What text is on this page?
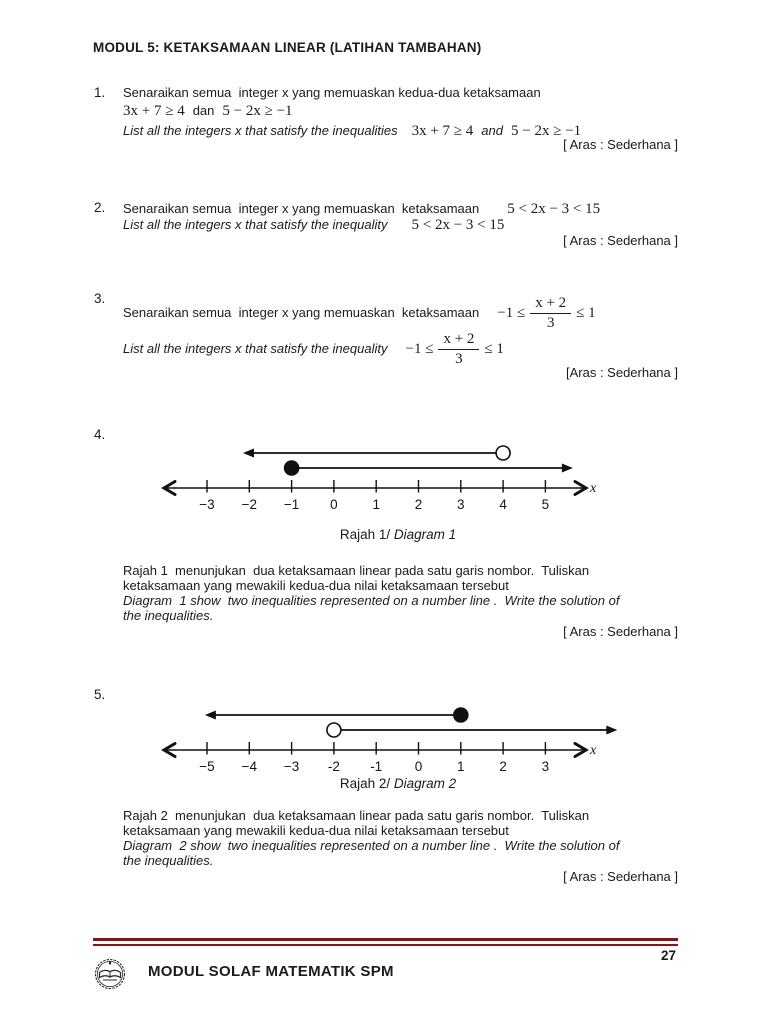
MODUL 5: KETAKSAMAAN LINEAR (LATIHAN TAMBAHAN)
1. Senaraikan semua  integer x yang memuaskan kedua-dua ketaksamaan
3x + 7 ≥ 4 dan 5 − 2x ≥ −1
List all the integers x that satisfy the inequalities 3x + 7 ≥ 4 and 5 − 2x ≥ −1
[ Aras : Sederhana ]
2. Senaraikan semua  integer x yang memuaskan  ketaksamaan 5 < 2x − 3 < 15
List all the integers x that satisfy the inequality 5 < 2x − 3 < 15
[ Aras : Sederhana ]
3.
Senaraikan semua  integer x yang memuaskan  ketaksamaan $-1 \le \frac{x + 2}{3} \le 1$
List all the integers x that satisfy the inequality $-1 \le \frac{x + 2}{3} \le 1$
[Aras : Sederhana ]
4.
−3 −2 −1 0	1	2	3	4	5
x
Rajah 1/ Diagram 1
Rajah 1  menunjukan  dua ketaksamaan linear pada satu garis nombor.  Tuliskan
ketaksamaan yang mewakili kedua-dua nilai ketaksamaan tersebut
Diagram  1 show  two inequalities represented on a number line .  Write the solution of
the inequalities.
[ Aras : Sederhana ]
5.
−5 −4 −3 -2 -1 0	1	2	3
x
Rajah 2/ Diagram 2
Rajah 2  menunjukan  dua ketaksamaan linear pada satu garis nombor.  Tuliskan
ketaksamaan yang mewakili kedua-dua nilai ketaksamaan tersebut
Diagram  2 show  two inequalities represented on a number line .  Write the solution of
the inequalities.
[ Aras : Sederhana ]
27
MODUL SOLAF MATEMATIK SPM
